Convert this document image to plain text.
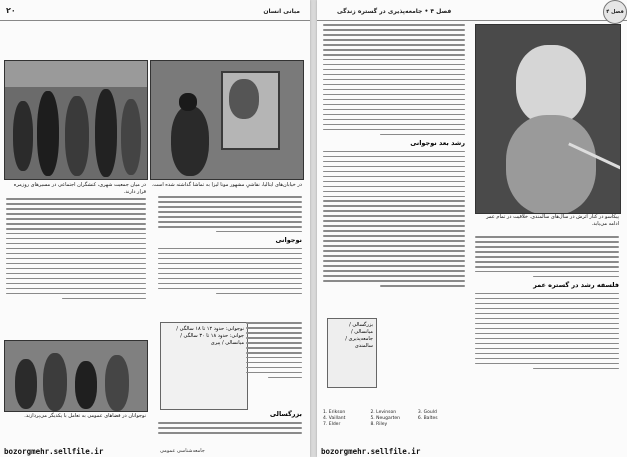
٢٠	مبانی انسان
در میان جمعیت شهری، کنشگران اجتماعی در مسیرهای روزمره قرار دارند.
در خیابان‌های ایتالیا، نقاشیِ مشهور مونا لیزا به تماشا گذاشته شده است.
نوجوانی
نوجوانی: حدود ١٢ تا ١٨ سالگی / جوانی: حدود ١٨ تا ٣٠ سالگی / میانسالی / پیری
بزرگسالی
نوجوانان در فضاهای عمومی به تعامل با یکدیگر می‌پردازند.
bozorgmehr.sellfile.ir	جامعه‌شناسی عمومی
فصل ۴ • جامعه‌پذیری در گستره زندگی	فصل ۴
رشد بعد نوجوانی
بزرگسالی / میانسالی / جامعه‌پذیری / سالمندی
پیکاسو در کنار اثرش در سال‌های سالمندی. خلاقیت در تمام عمر ادامه می‌یابد.
فلسفه رشد در گستره عمر
1. Erikson	2. Levinson	3. Gould 4. Vaillant	5. Neugarten	6. Baltes 7. Elder	8. Riley
bozorgmehr.sellfile.ir
